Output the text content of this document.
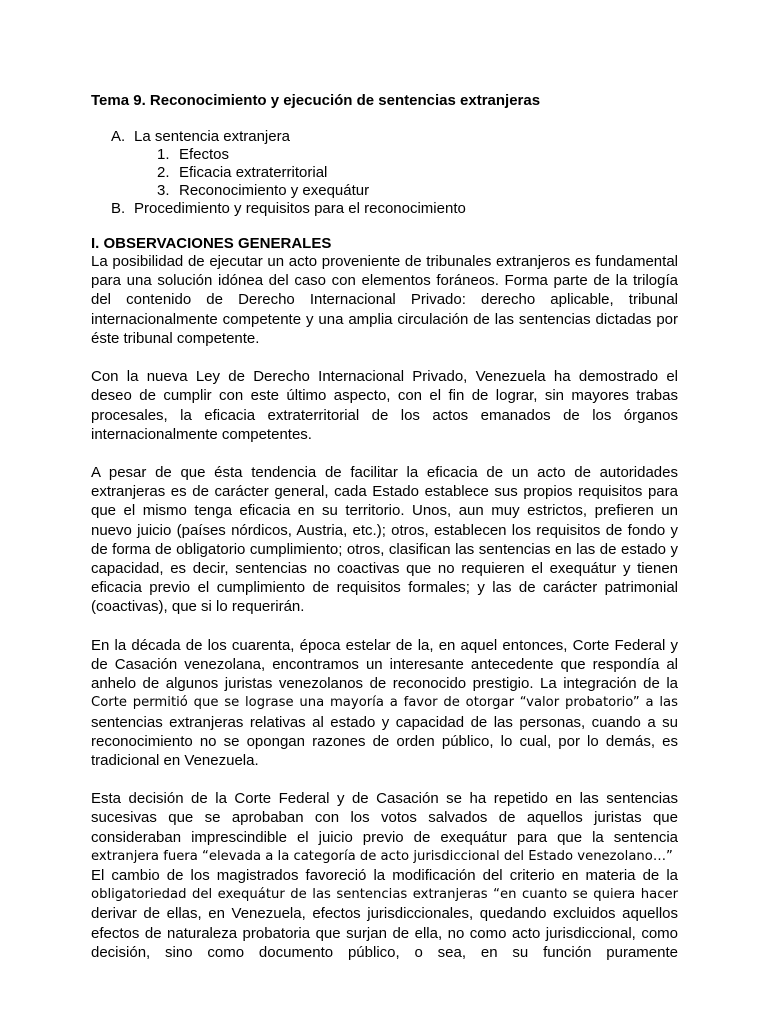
Tema 9. Reconocimiento y ejecución de sentencias extranjeras
A. La sentencia extranjera
1. Efectos
2. Eficacia extraterritorial
3. Reconocimiento y exequátur
B. Procedimiento y requisitos para el reconocimiento
I. OBSERVACIONES GENERALES
La posibilidad de ejecutar un acto proveniente de tribunales extranjeros es fundamental
para una solución idónea del caso con elementos foráneos. Forma parte de la trilogía
del contenido de Derecho Internacional Privado: derecho aplicable, tribunal
internacionalmente competente y una amplia circulación de las sentencias dictadas por
éste tribunal competente.
Con la nueva Ley de Derecho Internacional Privado, Venezuela ha demostrado el
deseo de cumplir con este último aspecto, con el fin de lograr, sin mayores trabas
procesales, la eficacia extraterritorial de los actos emanados de los órganos
internacionalmente competentes.
A pesar de que ésta tendencia de facilitar la eficacia de un acto de autoridades
extranjeras es de carácter general, cada Estado establece sus propios requisitos para
que el mismo tenga eficacia en su territorio. Unos, aun muy estrictos, prefieren un
nuevo juicio (países nórdicos, Austria, etc.); otros, establecen los requisitos de fondo y
de forma de obligatorio cumplimiento; otros, clasifican las sentencias en las de estado y
capacidad, es decir, sentencias no coactivas que no requieren el exequátur y tienen
eficacia previo el cumplimiento de requisitos formales; y las de carácter patrimonial
(coactivas), que si lo requerirán.
En la década de los cuarenta, época estelar de la, en aquel entonces, Corte Federal y
de Casación venezolana, encontramos un interesante antecedente que respondía al
anhelo de algunos juristas venezolanos de reconocido prestigio. La integración de la
Corte permitió que se lograse una mayoría a favor de otorgar “valor probatorio” a las
sentencias extranjeras relativas al estado y capacidad de las personas, cuando a su
reconocimiento no se opongan razones de orden público, lo cual, por lo demás, es
tradicional en Venezuela.
Esta decisión de la Corte Federal y de Casación se ha repetido en las sentencias
sucesivas que se aprobaban con los votos salvados de aquellos juristas que
consideraban imprescindible el juicio previo de exequátur para que la sentencia
extranjera fuera “elevada a la categoría de acto jurisdiccional del Estado venezolano…”
El cambio de los magistrados favoreció la modificación del criterio en materia de la
obligatoriedad del exequátur de las sentencias extranjeras “en cuanto se quiera hacer
derivar de ellas, en Venezuela, efectos jurisdiccionales, quedando excluidos aquellos
efectos de naturaleza probatoria que surjan de ella, no como acto jurisdiccional, como
decisión, sino como documento público, o sea, en su función puramente
